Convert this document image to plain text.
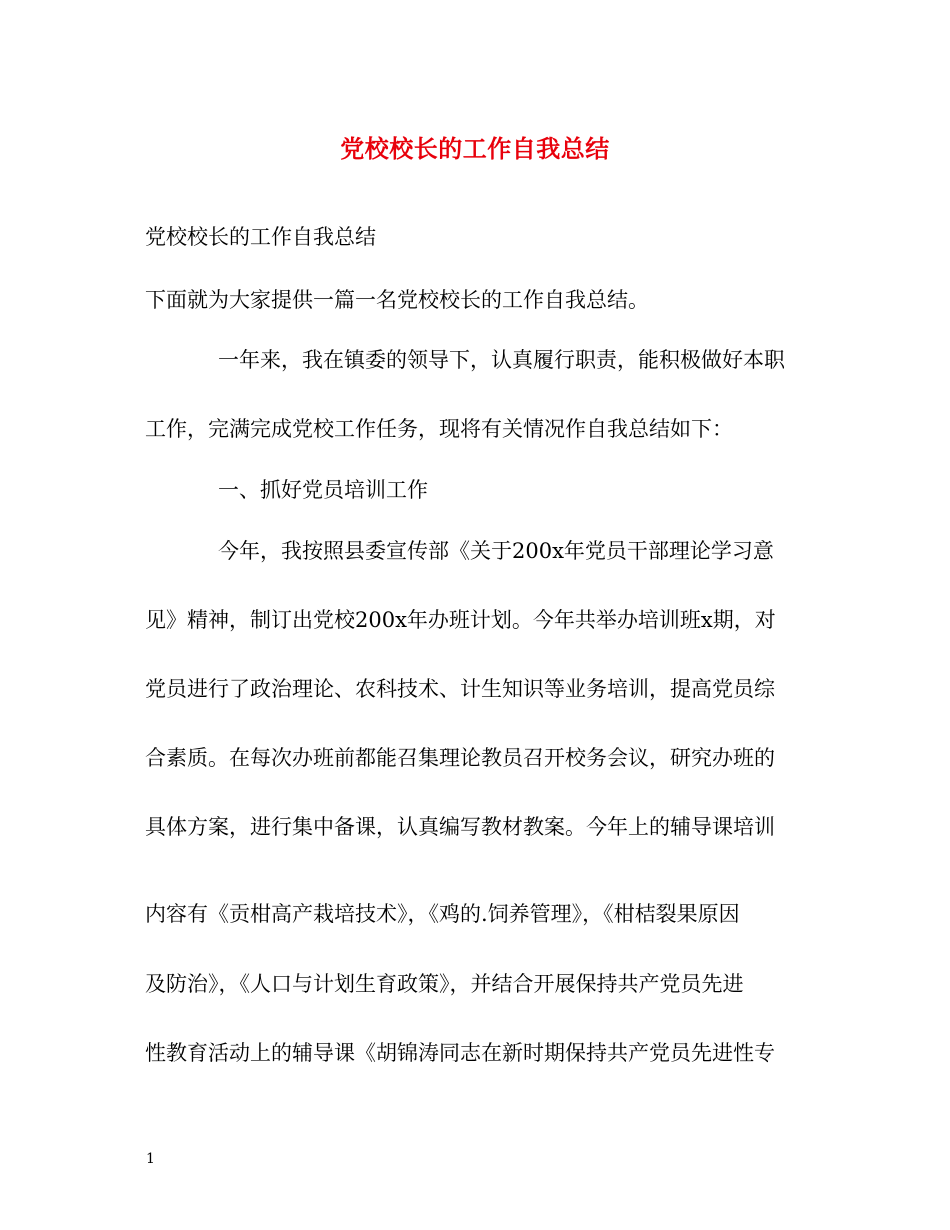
党校校长的工作自我总结
党校校长的工作自我总结
下面就为大家提供一篇一名党校校长的工作自我总结。
一年来，我在镇委的领导下，认真履行职责，能积极做好本职
工作，完满完成党校工作任务，现将有关情况作自我总结如下：
一、抓好党员培训工作
今年，我按照县委宣传部《关于200x年党员干部理论学习意
见》精神，制订出党校200x年办班计划。今年共举办培训班x期，对
党员进行了政治理论、农科技术、计生知识等业务培训，提高党员综
合素质。在每次办班前都能召集理论教员召开校务会议，研究办班的
具体方案，进行集中备课，认真编写教材教案。今年上的辅导课培训
内容有《贡柑高产栽培技术》，《鸡的.饲养管理》，《柑桔裂果原因
及防治》，《人口与计划生育政策》，并结合开展保持共产党员先进
性教育活动上的辅导课《胡锦涛同志在新时期保持共产党员先进性专
1
